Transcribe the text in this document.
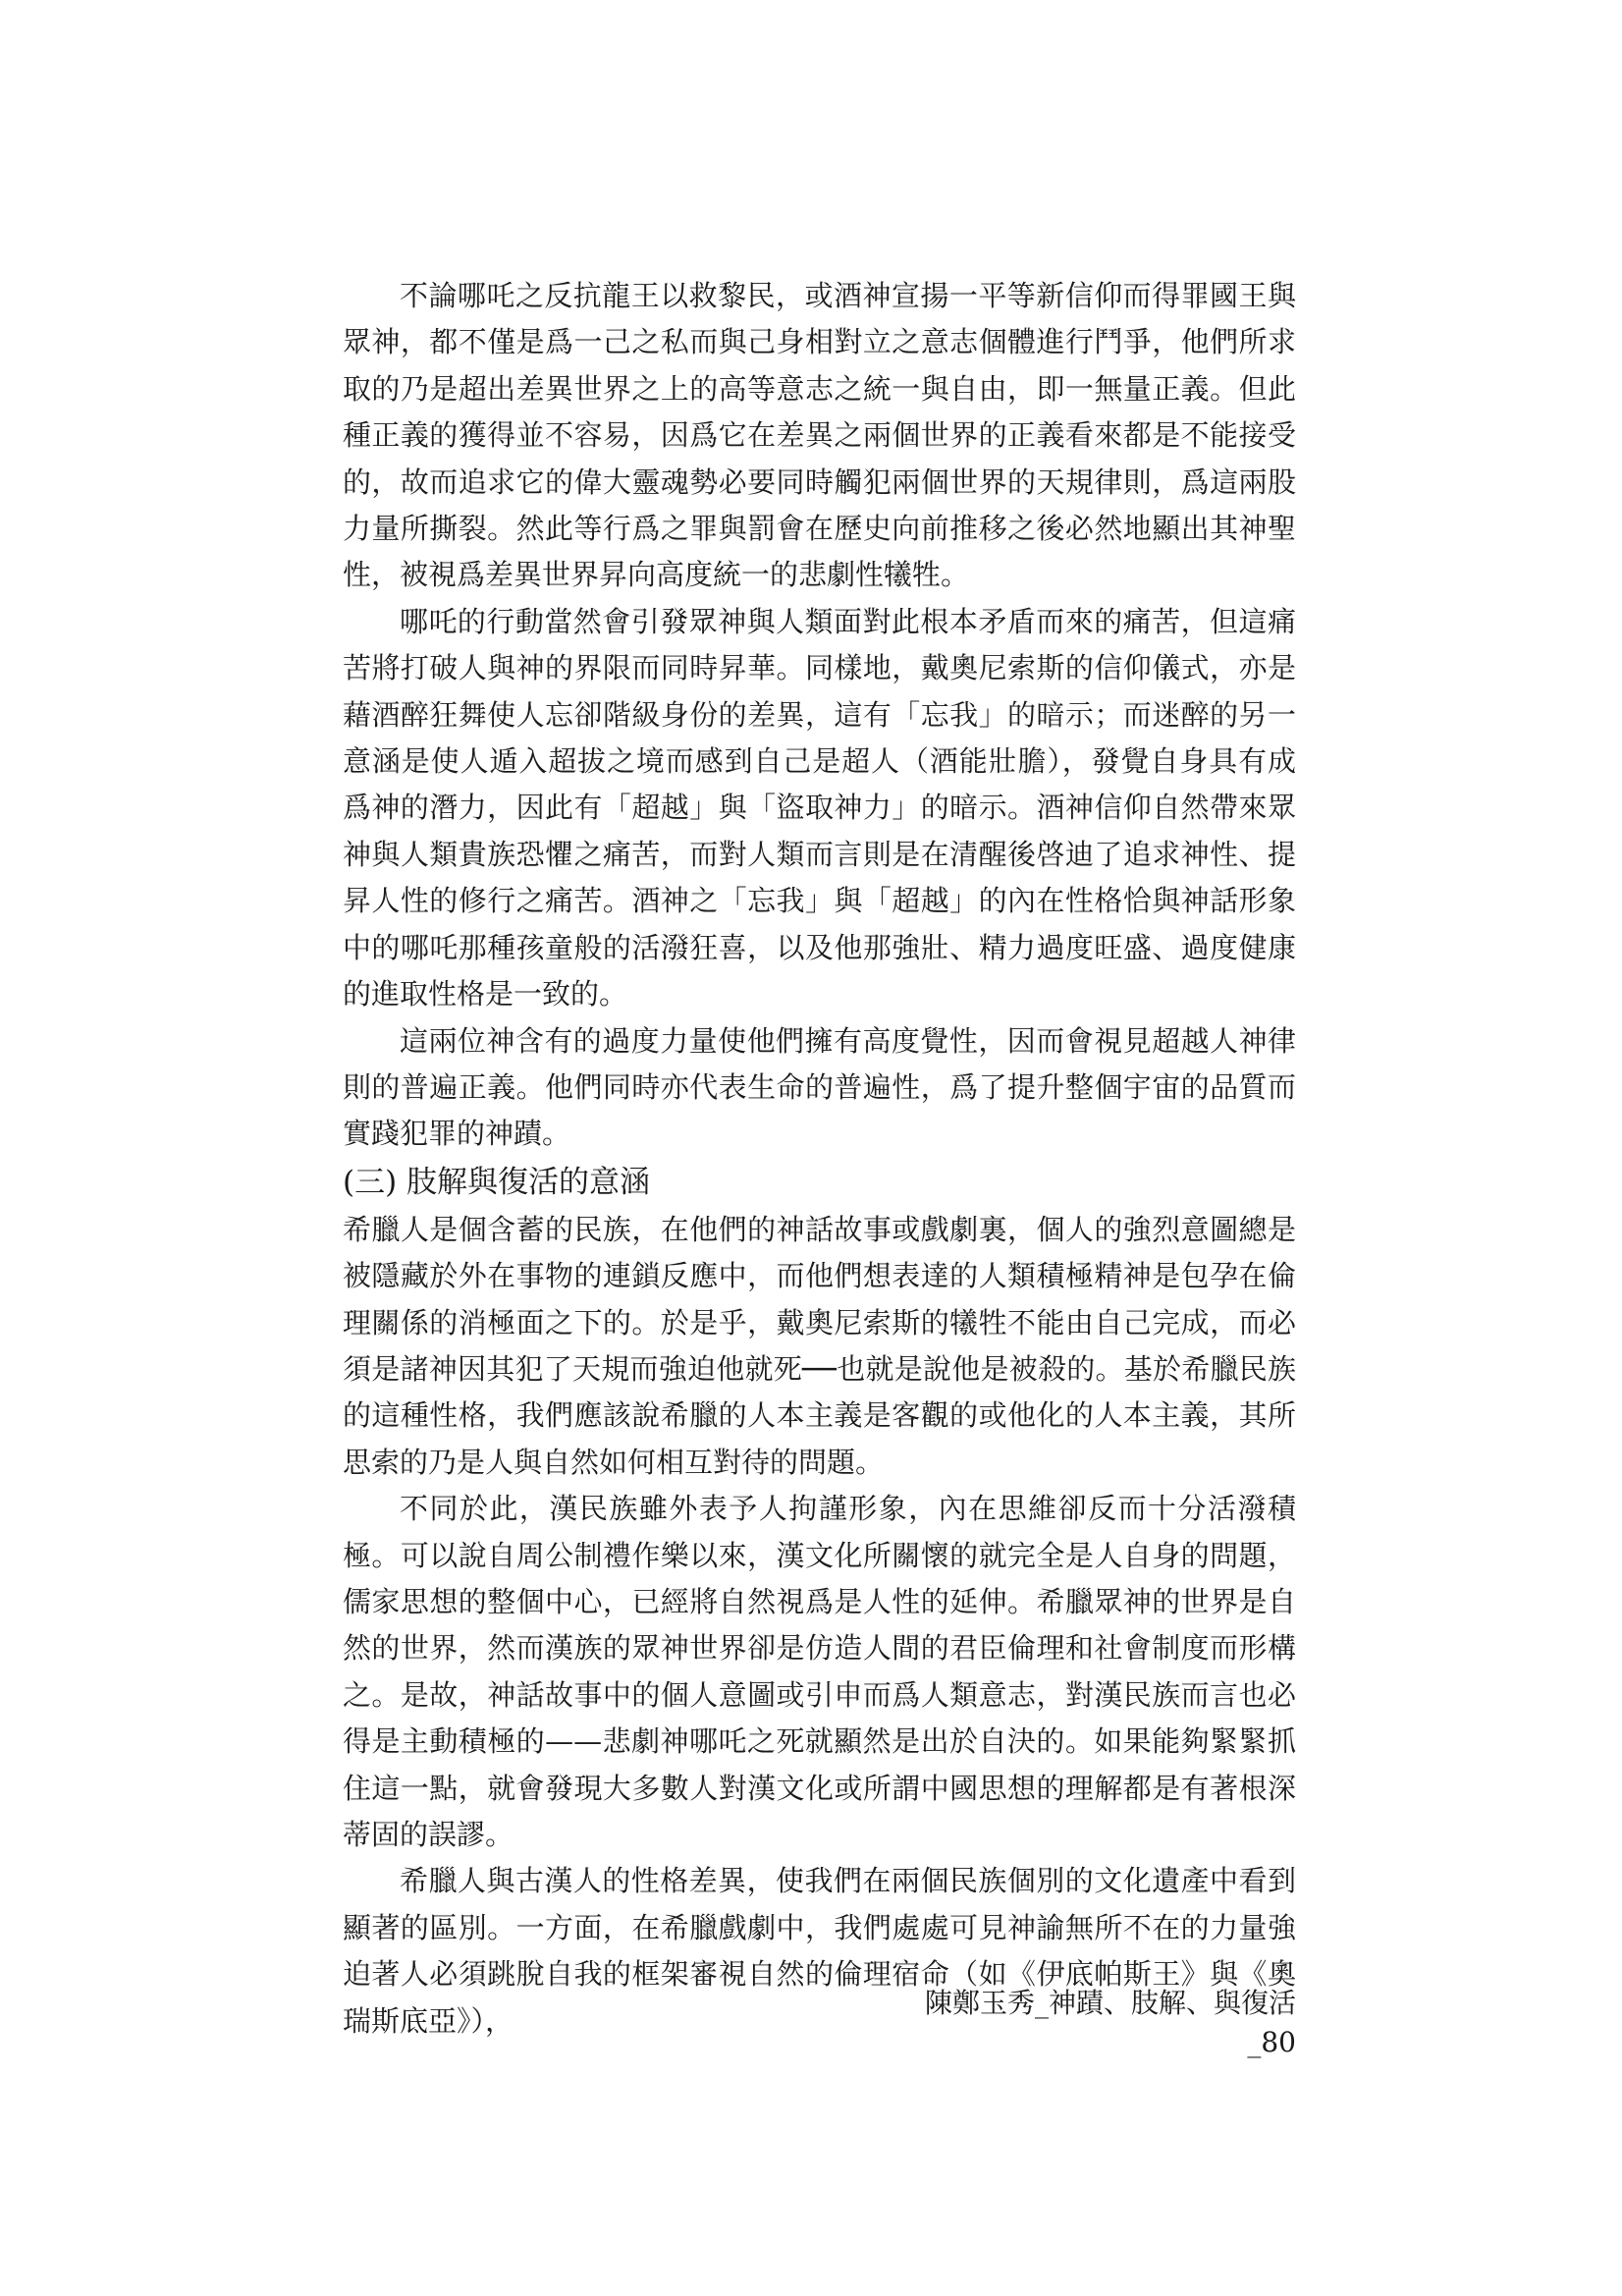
不論哪吒之反抗龍王以救黎民，或酒神宣揚一平等新信仰而得罪國王與眾神，都不僅是爲一己之私而與己身相對立之意志個體進行鬥爭，他們所求取的乃是超出差異世界之上的高等意志之統一與自由，即一無量正義。但此種正義的獲得並不容易，因爲它在差異之兩個世界的正義看來都是不能接受的，故而追求它的偉大靈魂勢必要同時觸犯兩個世界的天規律則，爲這兩股力量所撕裂。然此等行爲之罪與罰會在歷史向前推移之後必然地顯出其神聖性，被視爲差異世界昇向高度統一的悲劇性犧牲。

哪吒的行動當然會引發眾神與人類面對此根本矛盾而來的痛苦，但這痛苦將打破人與神的界限而同時昇華。同樣地，戴奧尼索斯的信仰儀式，亦是藉酒醉狂舞使人忘卻階級身份的差異，這有「忘我」的暗示；而迷醉的另一意涵是使人遁入超拔之境而感到自己是超人（酒能壯膽），發覺自身具有成爲神的潛力，因此有「超越」與「盜取神力」的暗示。酒神信仰自然帶來眾神與人類貴族恐懼之痛苦，而對人類而言則是在清醒後啓迪了追求神性、提昇人性的修行之痛苦。酒神之「忘我」與「超越」的內在性格恰與神話形象中的哪吒那種孩童般的活潑狂喜，以及他那強壯、精力過度旺盛、過度健康的進取性格是一致的。

這兩位神含有的過度力量使他們擁有高度覺性，因而會視見超越人神律則的普遍正義。他們同時亦代表生命的普遍性，爲了提升整個宇宙的品質而實踐犯罪的神蹟。

(三) 肢解與復活的意涵

希臘人是個含蓄的民族，在他們的神話故事或戲劇裏，個人的強烈意圖總是被隱藏於外在事物的連鎖反應中，而他們想表達的人類積極精神是包孕在倫理關係的消極面之下的。於是乎，戴奧尼索斯的犧牲不能由自己完成，而必須是諸神因其犯了天規而強迫他就死──也就是說他是被殺的。基於希臘民族的這種性格，我們應該說希臘的人本主義是客觀的或他化的人本主義，其所思索的乃是人與自然如何相互對待的問題。

不同於此，漢民族雖外表予人拘謹形象，內在思維卻反而十分活潑積極。可以說自周公制禮作樂以來，漢文化所關懷的就完全是人自身的問題，儒家思想的整個中心，已經將自然視爲是人性的延伸。希臘眾神的世界是自然的世界，然而漢族的眾神世界卻是仿造人間的君臣倫理和社會制度而形構之。是故，神話故事中的個人意圖或引申而爲人類意志，對漢民族而言也必得是主動積極的——悲劇神哪吒之死就顯然是出於自決的。如果能夠緊緊抓住這一點，就會發現大多數人對漢文化或所謂中國思想的理解都是有著根深蒂固的誤謬。

希臘人與古漢人的性格差異，使我們在兩個民族個別的文化遺產中看到顯著的區別。一方面，在希臘戲劇中，我們處處可見神諭無所不在的力量強迫著人必須跳脫自我的框架審視自然的倫理宿命（如《伊底帕斯王》與《奧瑞斯底亞》），

陳鄭玉秀_神蹟、肢解、與復活_80
